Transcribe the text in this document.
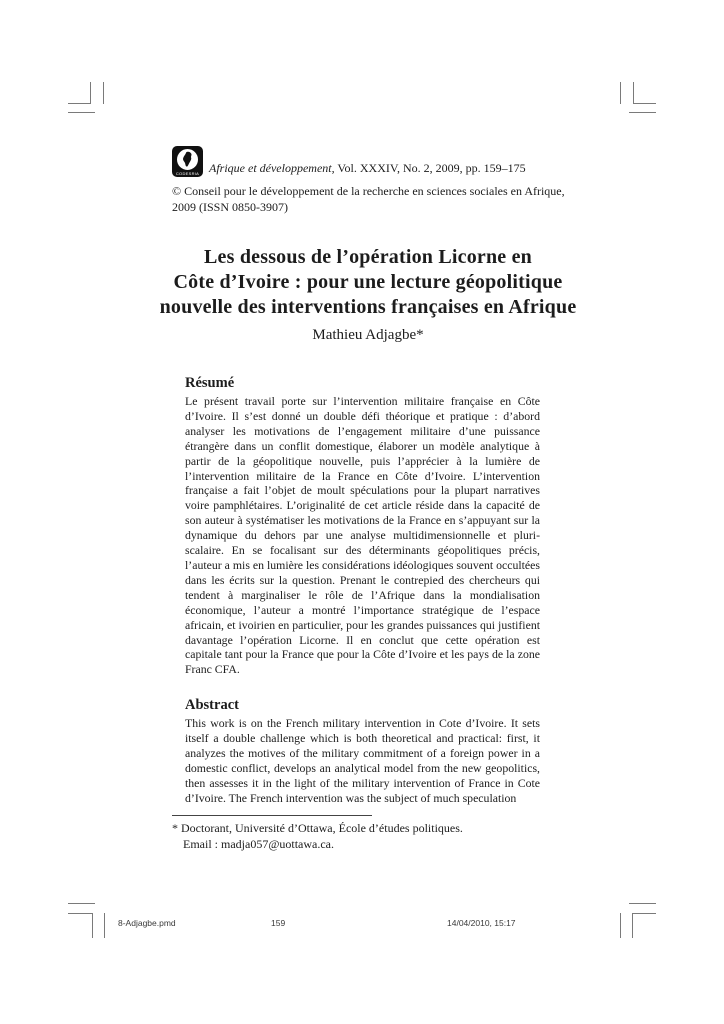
CODESRIA Afrique et développement, Vol. XXXIV, No. 2, 2009, pp. 159–175
© Conseil pour le développement de la recherche en sciences sociales en Afrique,
2009 (ISSN 0850-3907)
Les dessous de l’opération Licorne en
Côte d’Ivoire : pour une lecture géopolitique
nouvelle des interventions françaises en Afrique
Mathieu Adjagbe*
Résumé
Le présent travail porte sur l’intervention militaire française en Côte d’Ivoire. Il s’est donné un double défi théorique et pratique : d’abord analyser les motivations de l’engagement militaire d’une puissance étrangère dans un conflit domestique, élaborer un modèle analytique à partir de la géopolitique nouvelle, puis l’apprécier à la lumière de l’intervention militaire de la France en Côte d’Ivoire. L’intervention française a fait l’objet de moult spéculations pour la plupart narratives voire pamphlétaires. L’originalité de cet article réside dans la capacité de son auteur à systématiser les motivations de la France en s’appuyant sur la dynamique du dehors par une analyse multidimensionnelle et pluri-scalaire. En se focalisant sur des déterminants géopolitiques précis, l’auteur a mis en lumière les considérations idéologiques souvent occultées dans les écrits sur la question. Prenant le contrepied des chercheurs qui tendent à marginaliser le rôle de l’Afrique dans la mondialisation économique, l’auteur a montré l’importance stratégique de l’espace africain, et ivoirien en particulier, pour les grandes puissances qui justifient davantage l’opération Licorne. Il en conclut que cette opération est capitale tant pour la France que pour la Côte d’Ivoire et les pays de la zone Franc CFA.
Abstract
This work is on the French military intervention in Cote d’Ivoire. It sets itself a double challenge which is both theoretical and practical: first, it analyzes the motives of the military commitment of a foreign power in a domestic conflict, develops an analytical model from the new geopolitics, then assesses it in the light of the military intervention of France in Cote d’Ivoire. The French intervention was the subject of much speculation
* Doctorant, Université d’Ottawa, École d’études politiques.
Email : madja057@uottawa.ca.
8-Adjagbe.pmd	159	14/04/2010, 15:17
